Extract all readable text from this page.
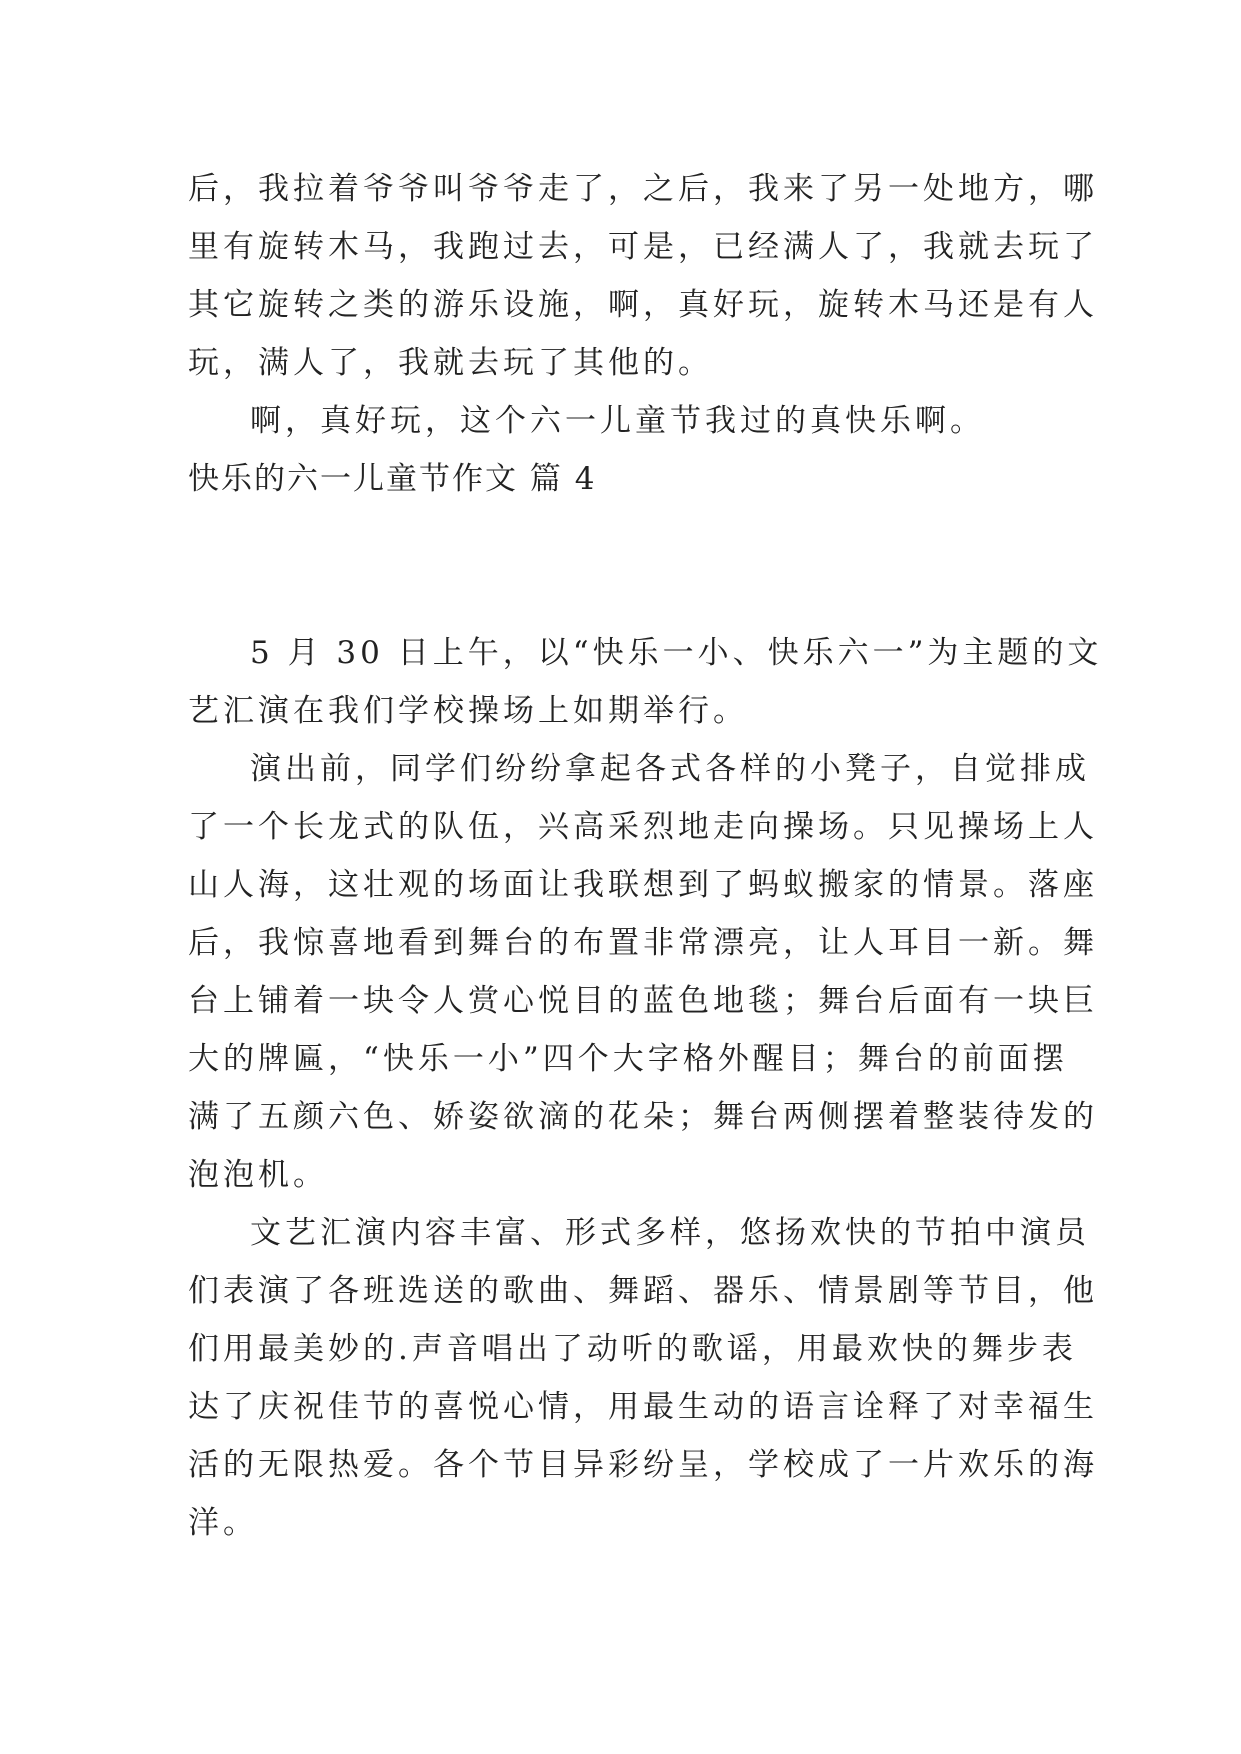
后，我拉着爷爷叫爷爷走了，之后，我来了另一处地方，哪
里有旋转木马，我跑过去，可是，已经满人了，我就去玩了
其它旋转之类的游乐设施，啊，真好玩，旋转木马还是有人
玩，满人了，我就去玩了其他的。
啊，真好玩，这个六一儿童节我过的真快乐啊。
快乐的六一儿童节作文 篇 4
5 月 30 日上午，以“快乐一小、快乐六一”为主题的文
艺汇演在我们学校操场上如期举行。
演出前，同学们纷纷拿起各式各样的小凳子，自觉排成
了一个长龙式的队伍，兴高采烈地走向操场。只见操场上人
山人海，这壮观的场面让我联想到了蚂蚁搬家的情景。落座
后，我惊喜地看到舞台的布置非常漂亮，让人耳目一新。舞
台上铺着一块令人赏心悦目的蓝色地毯；舞台后面有一块巨
大的牌匾，“快乐一小”四个大字格外醒目；舞台的前面摆
满了五颜六色、娇姿欲滴的花朵；舞台两侧摆着整装待发的
泡泡机。
文艺汇演内容丰富、形式多样，悠扬欢快的节拍中演员
们表演了各班选送的歌曲、舞蹈、器乐、情景剧等节目，他
们用最美妙的.声音唱出了动听的歌谣，用最欢快的舞步表
达了庆祝佳节的喜悦心情，用最生动的语言诠释了对幸福生
活的无限热爱。各个节目异彩纷呈，学校成了一片欢乐的海
洋。
